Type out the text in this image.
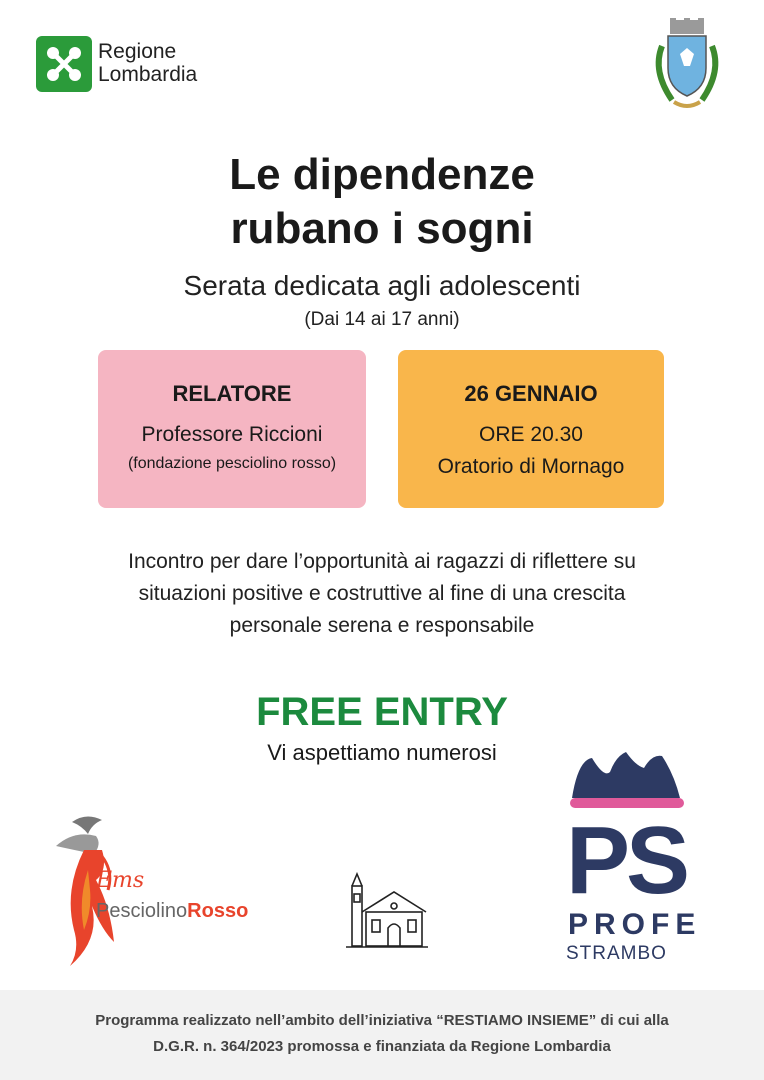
Regione
Lombardia
Le dipendenze
rubano i sogni
Serata dedicata agli adolescenti
(Dai 14 ai 17 anni)
RELATORE
Professore Riccioni
(fondazione pesciolino rosso)
26 GENNAIO
ORE 20.30
Oratorio di Mornago
Incontro per dare l’opportunità ai ragazzi di riflettere su
situazioni positive e costruttive al fine di una crescita
personale serena e responsabile
FREE ENTRY
Vi aspettiamo numerosi
Ems
PesciolinoRosso	PS
PROFE
STRAMBO
Programma realizzato nell’ambito dell’iniziativa “RESTIAMO INSIEME” di cui alla
D.G.R. n. 364/2023 promossa e finanziata da Regione Lombardia
